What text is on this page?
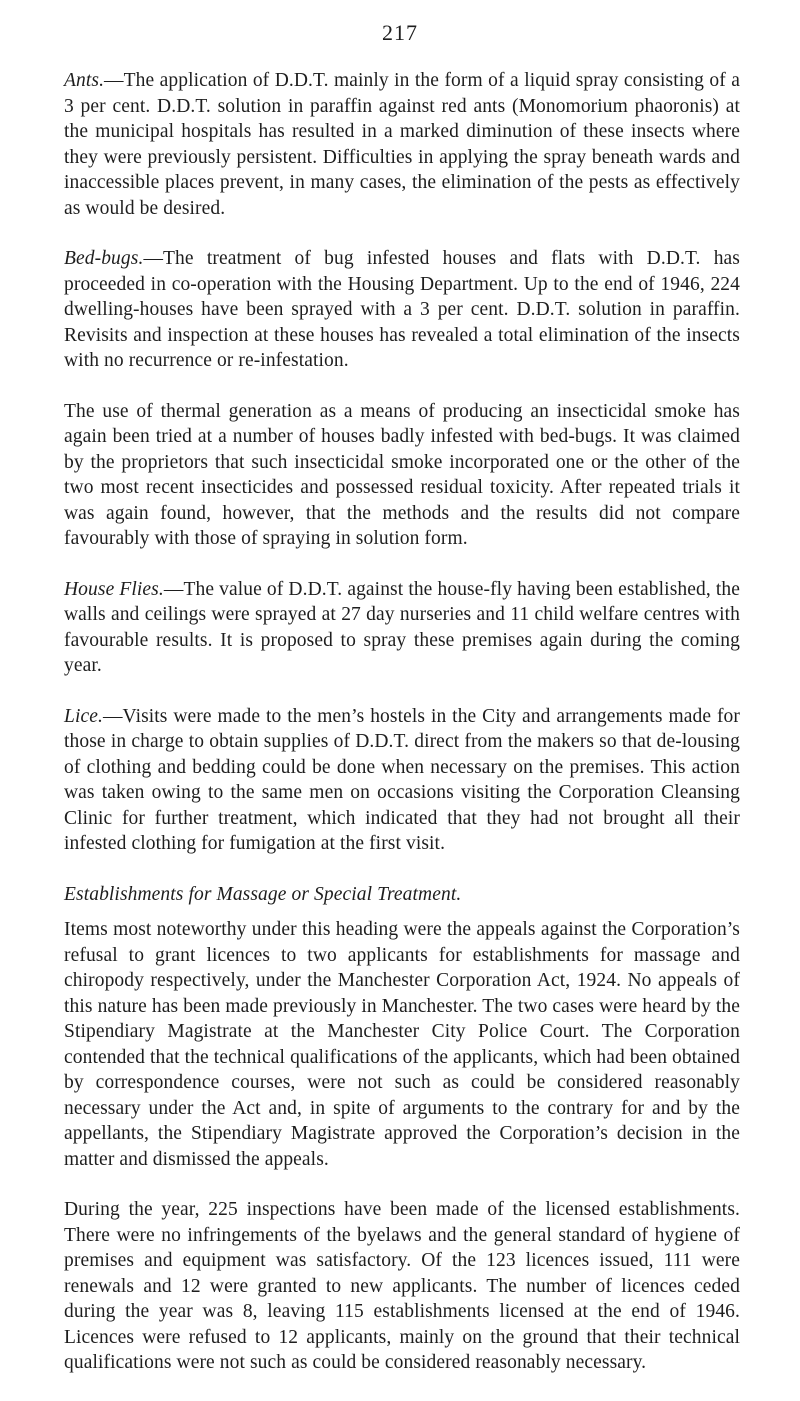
217

Ants.—The application of D.D.T. mainly in the form of a liquid spray consisting of a 3 per cent. D.D.T. solution in paraffin against red ants (Monomorium phaoronis) at the municipal hospitals has resulted in a marked diminution of these insects where they were previously persistent. Difficulties in applying the spray beneath wards and inaccessible places prevent, in many cases, the elimination of the pests as effectively as would be desired.

Bed-bugs.—The treatment of bug infested houses and flats with D.D.T. has proceeded in co-operation with the Housing Department. Up to the end of 1946, 224 dwelling-houses have been sprayed with a 3 per cent. D.D.T. solution in paraffin. Revisits and inspection at these houses has revealed a total elimination of the insects with no recurrence or re-infestation.

The use of thermal generation as a means of producing an insecticidal smoke has again been tried at a number of houses badly infested with bed-bugs. It was claimed by the proprietors that such insecticidal smoke incorporated one or the other of the two most recent insecticides and possessed residual toxicity. After repeated trials it was again found, however, that the methods and the results did not compare favourably with those of spraying in solution form.

House Flies.—The value of D.D.T. against the house-fly having been established, the walls and ceilings were sprayed at 27 day nurseries and 11 child welfare centres with favourable results. It is proposed to spray these premises again during the coming year.

Lice.—Visits were made to the men’s hostels in the City and arrangements made for those in charge to obtain supplies of D.D.T. direct from the makers so that de-lousing of clothing and bedding could be done when necessary on the premises. This action was taken owing to the same men on occasions visiting the Corporation Cleansing Clinic for further treatment, which indicated that they had not brought all their infested clothing for fumigation at the first visit.

Establishments for Massage or Special Treatment.

Items most noteworthy under this heading were the appeals against the Corporation’s refusal to grant licences to two applicants for establishments for massage and chiropody respectively, under the Manchester Corporation Act, 1924. No appeals of this nature has been made previously in Manchester. The two cases were heard by the Stipendiary Magistrate at the Manchester City Police Court. The Corporation contended that the technical qualifications of the applicants, which had been obtained by correspondence courses, were not such as could be considered reasonably necessary under the Act and, in spite of arguments to the contrary for and by the appellants, the Stipendiary Magistrate approved the Corporation’s decision in the matter and dismissed the appeals.

During the year, 225 inspections have been made of the licensed establishments. There were no infringements of the byelaws and the general standard of hygiene of premises and equipment was satisfactory. Of the 123 licences issued, 111 were renewals and 12 were granted to new applicants. The number of licences ceded during the year was 8, leaving 115 establishments licensed at the end of 1946. Licences were refused to 12 applicants, mainly on the ground that their technical qualifications were not such as could be considered reasonably necessary.
